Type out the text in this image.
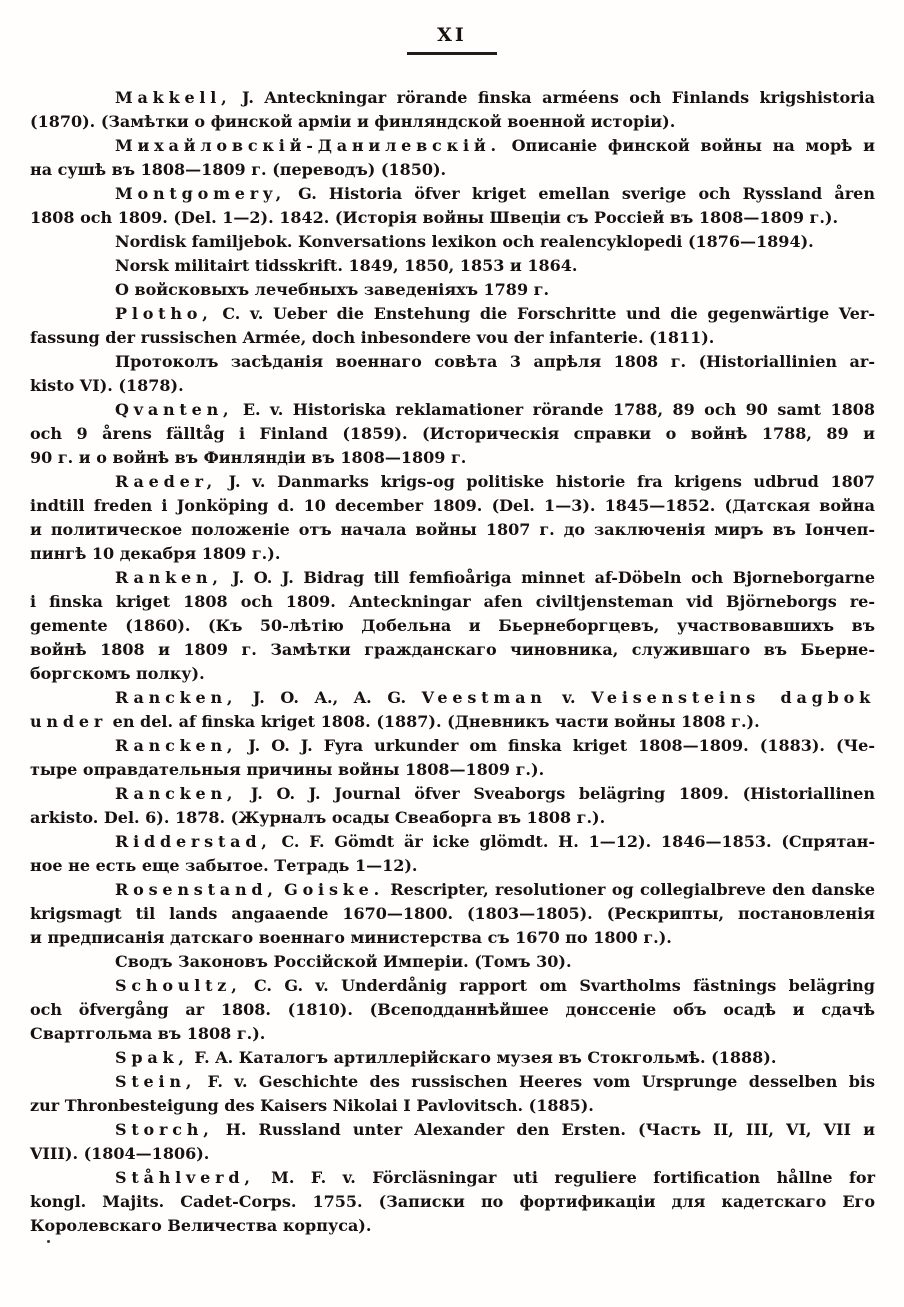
XI
Makkell, J. Anteckningar rörande finska arméens och Finlands krigshistoria
(1870). (Замѣтки о финской арміи и финляндской военной исторіи).
Михайловскій-Данилевскій. Описаніе финской войны на морѣ и
на сушѣ въ 1808—1809 г. (переводъ) (1850).
Montgomery, G. Historia öfver kriget emellan sverige och Ryssland åren
1808 och 1809. (Del. 1—2). 1842. (Исторія войны Швеціи съ Россіей въ 1808—1809 г.).
Nordisk familjebok. Konversations lexikon och realencyklopedi (1876—1894).
Norsk militairt tidsskrift. 1849, 1850, 1853 и 1864.
О войсковыхъ лечебныхъ заведеніяхъ 1789 г.
Plotho, C. v. Ueber die Enstehung die Forschritte und die gegenwärtige Ver-
fassung der russischen Armée, doch inbesondere vou der infanterie. (1811).
Протоколъ засѣданія военнаго совѣта 3 апрѣля 1808 г. (Historiallinien ar-
kisto VI). (1878).
Qvanten, E. v. Historiska reklamationer rörande 1788, 89 och 90 samt 1808
och 9 årens fälltåg i Finland (1859). (Историческія справки о войнѣ 1788, 89 и
90 г. и о войнѣ въ Финляндіи въ 1808—1809 г.
Raeder, J. v. Danmarks krigs-og politiske historie fra krigens udbrud 1807
indtill freden i Jonköping d. 10 december 1809. (Del. 1—3). 1845—1852. (Датская война
и политическое положеніе отъ начала войны 1807 г. до заключенія миръ въ Іончеп-
пингѣ 10 декабря 1809 г.).
Ranken, J. O. J. Bidrag till femfioåriga minnet af-Döbeln och Bjorneborgarne
i finska kriget 1808 och 1809. Anteckningar afen civiltjensteman vid Björneborgs re-
gemente (1860). (Къ 50-лѣтію Добельна и Бьернеборгцевъ, участвовавшихъ въ
войнѣ 1808 и 1809 г. Замѣтки гражданскаго чиновника, служившаго въ Бьерне-
боргскомъ полку).
Rancken, J. O. A., A. G. Veestman v. Veisensteins dagbok
under en del. af finska kriget 1808. (1887). (Дневникъ части войны 1808 г.).
Rancken, J. O. J. Fyra urkunder om finska kriget 1808—1809. (1883). (Че-
тыре оправдательныя причины войны 1808—1809 г.).
Rancken, J. O. J. Journal öfver Sveaborgs belägring 1809. (Historiallinen
arkisto. Del. 6). 1878. (Журналъ осады Свеаборга въ 1808 г.).
Ridderstad, C. F. Gömdt är icke glömdt. H. 1—12). 1846—1853. (Спрятан-
ное не есть еще забытое. Тетрадь 1—12).
Rosenstand, Goiske. Rescripter, resolutioner og collegialbreve den danske
krigsmagt til lands angaaende 1670—1800. (1803—1805). (Рескрипты, постановленія
и предписанія датскаго военнаго министерства съ 1670 по 1800 г.).
Сводъ Законовъ Россійской Имперіи. (Томъ 30).
Schoultz, C. G. v. Underdånig rapport om Svartholms fästnings belägring
och öfvergång ar 1808. (1810). (Всеподданнѣйшее донссеніе объ осадѣ и сдачѣ
Свартгольма въ 1808 г.).
Spak, F. A. Каталогъ артиллерійскаго музея въ Стокгольмѣ. (1888).
Stein, F. v. Geschichte des russischen Heeres vom Ursprunge desselben bis
zur Thronbesteigung des Kaisers Nikolai I Pavlovitsch. (1885).
Storch, H. Russland unter Alexander den Ersten. (Часть II, III, VI, VII и
VIII). (1804—1806).
Ståhlverd, M. F. v. Förcläsningar uti reguliere fortification hållne for
kongl. Majits. Cadet-Corps. 1755. (Записки по фортификаціи для кадетскаго Его
Королевскаго Величества корпуса).
